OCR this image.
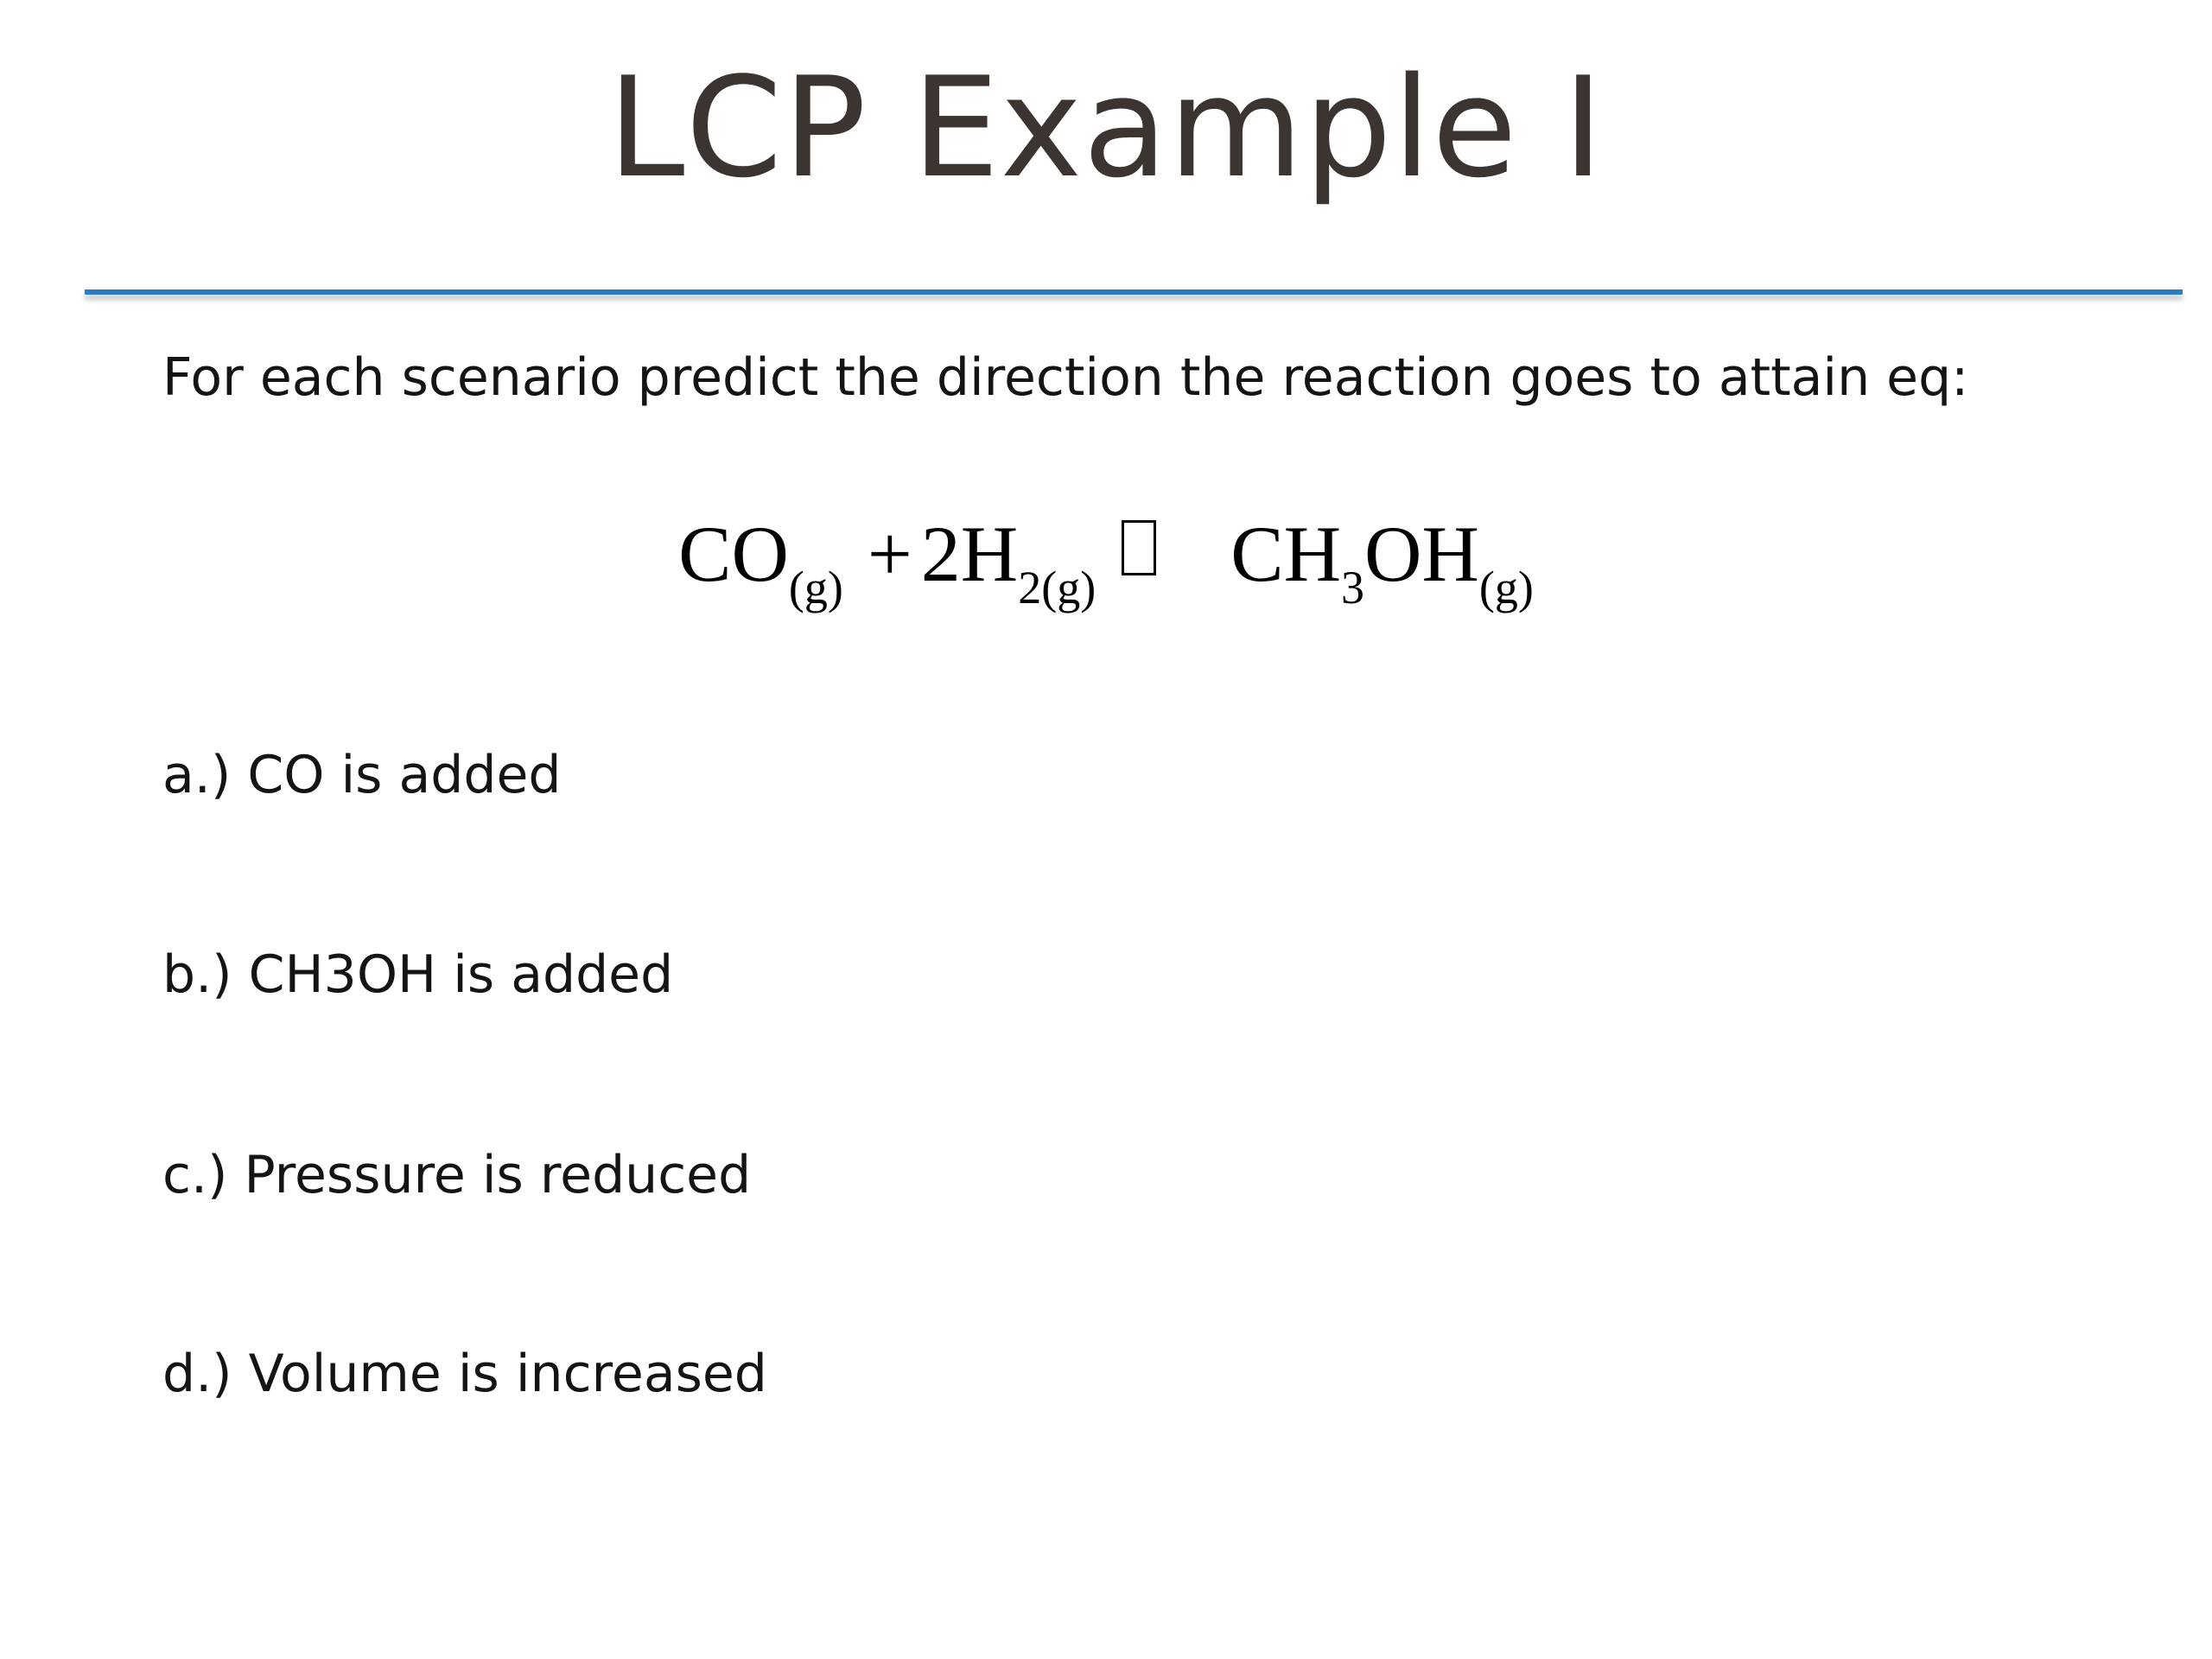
LCP Example I
For each scenario predict the direction the reaction goes to attain eq:
$CO_{(g)} + 2H_{2(g)}$ $CH_3OH_{(g)}$
a.) CO is added
b.) CH3OH is added
c.) Pressure is reduced
d.) Volume is increased
